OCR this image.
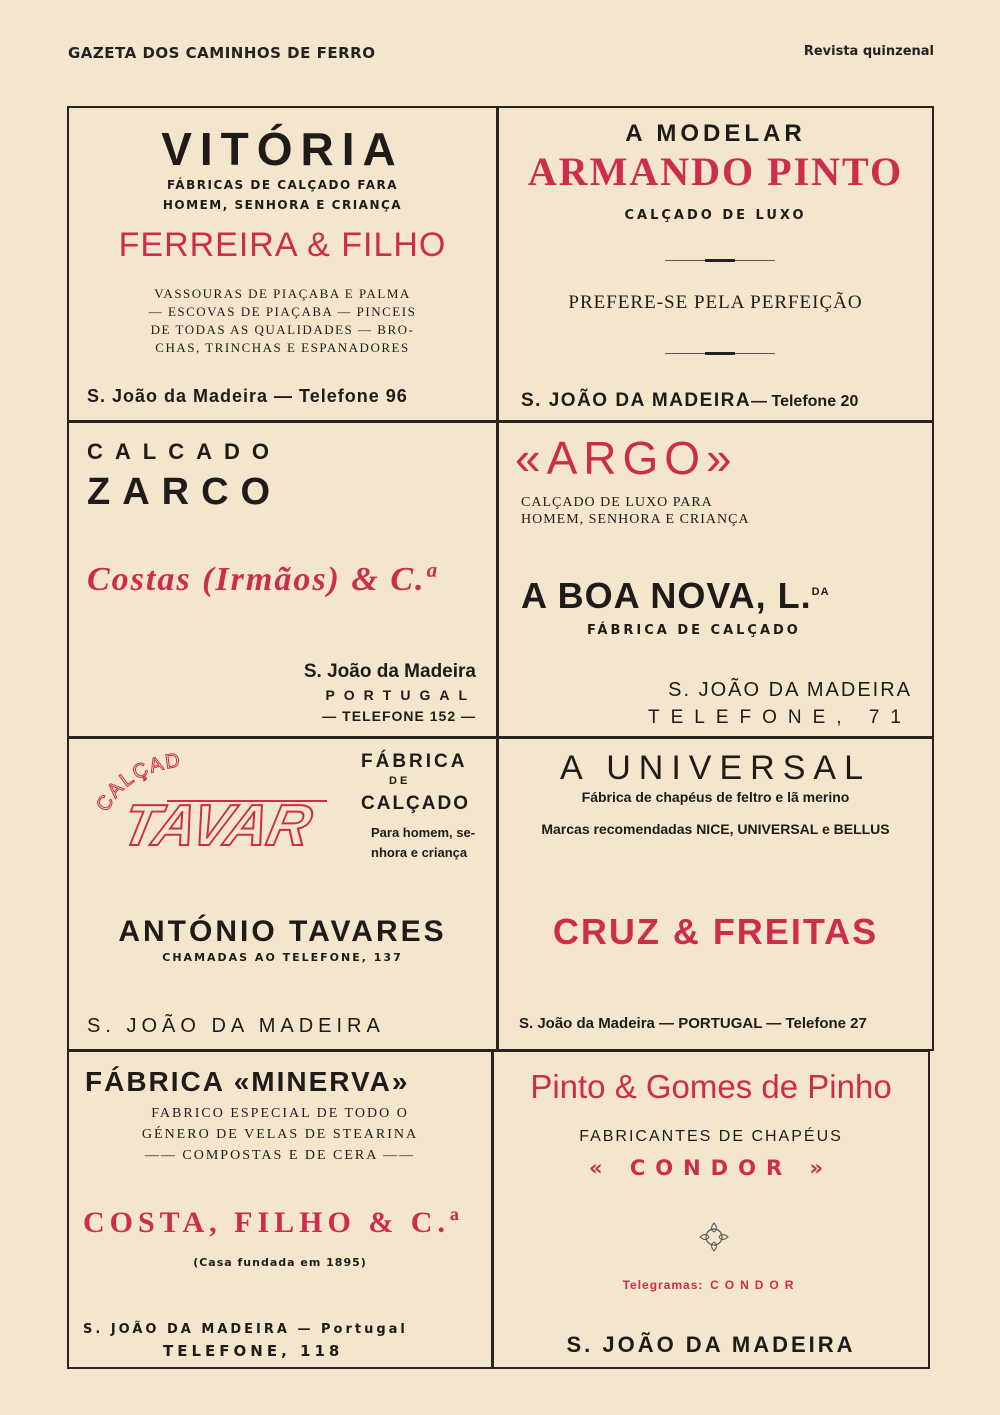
GAZETA DOS CAMINHOS DE FERRO	Revista quinzenal
VITÓRIA
FÁBRICAS DE CALÇADO FARA
HOMEM, SENHORA E CRIANÇA
FERREIRA & FILHO
VASSOURAS DE PIAÇABA E PALMA
— ESCOVAS DE PIAÇABA — PINCEIS
DE TODAS AS QUALIDADES — BRO-
CHAS, TRINCHAS E ESPANADORES
S. João da Madeira — Telefone 96
A MODELAR
ARMANDO PINTO
CALÇADO DE LUXO
PREFERE-SE PELA PERFEIÇÃO
S. JOÃO DA MADEIRA— Telefone 20
CALCADO
ZARCO
Costas (Irmãos) & C.ª
S. João da Madeira
PORTUGAL
— TELEFONE 152 —
«ARGO»
CALÇADO DE LUXO PARA
HOMEM, SENHORA E CRIANÇA
A BOA NOVA, L.$^{DA}$
FÁBRICA DE CALÇADO
S. JOÃO DA MADEIRA
TELEFONE, 71
ALÇAD
TAVAR
FÁBRICA
DE
CALÇADO
Para homem, se-
nhora e criança
ANTÓNIO TAVARES
CHAMADAS AO TELEFONE, 137
S. JOÃO DA MADEIRA
A UNIVERSAL
Fábrica de chapéus de feltro e lã merino
Marcas recomendadas NICE, UNIVERSAL e BELLUS
CRUZ & FREITAS
S. João da Madeira — PORTUGAL — Telefone 27
FÁBRICA «MINERVA»
FABRICO ESPECIAL DE TODO O
GÉNERO DE VELAS DE STEARINA
—— COMPOSTAS E DE CERA ——
COSTA, FILHO & C.ª
(Casa fundada em 1895)
S. JOÃO DA MADEIRA — Portugal
TELEFONE, 118
Pinto & Gomes de Pinho
FABRICANTES DE CHAPÉUS
« CONDOR »
Telegramas: CONDOR
S. JOÃO DA MADEIRA
